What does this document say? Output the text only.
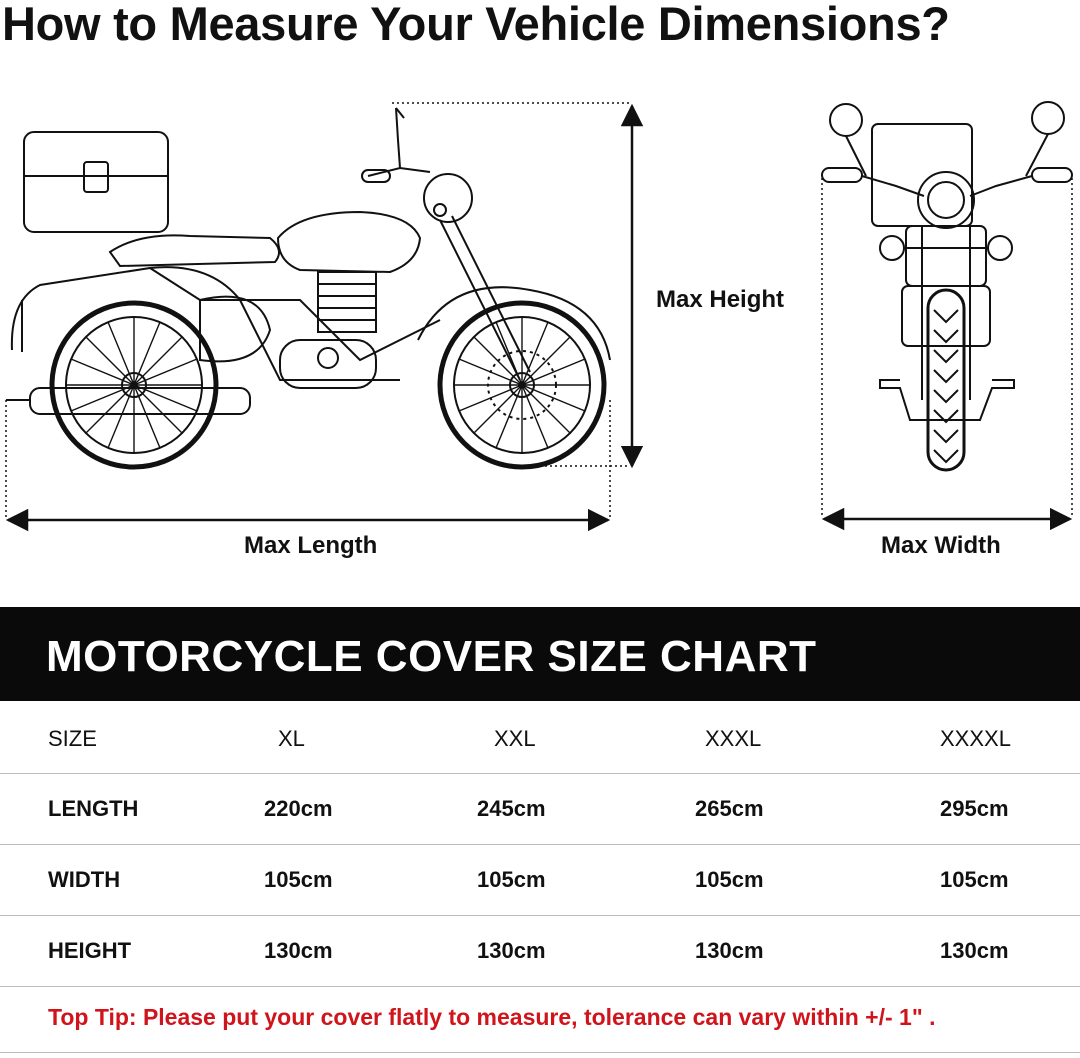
How to Measure Your Vehicle Dimensions?
Max Length
Max Height
Max Width
MOTORCYCLE COVER SIZE CHART
SIZE	XL	XXL	XXXL	XXXXL
LENGTH	220cm	245cm	265cm	295cm
WIDTH	105cm	105cm	105cm	105cm
HEIGHT	130cm	130cm	130cm	130cm
Top Tip: Please put your cover flatly to measure, tolerance can vary within +/- 1" .
